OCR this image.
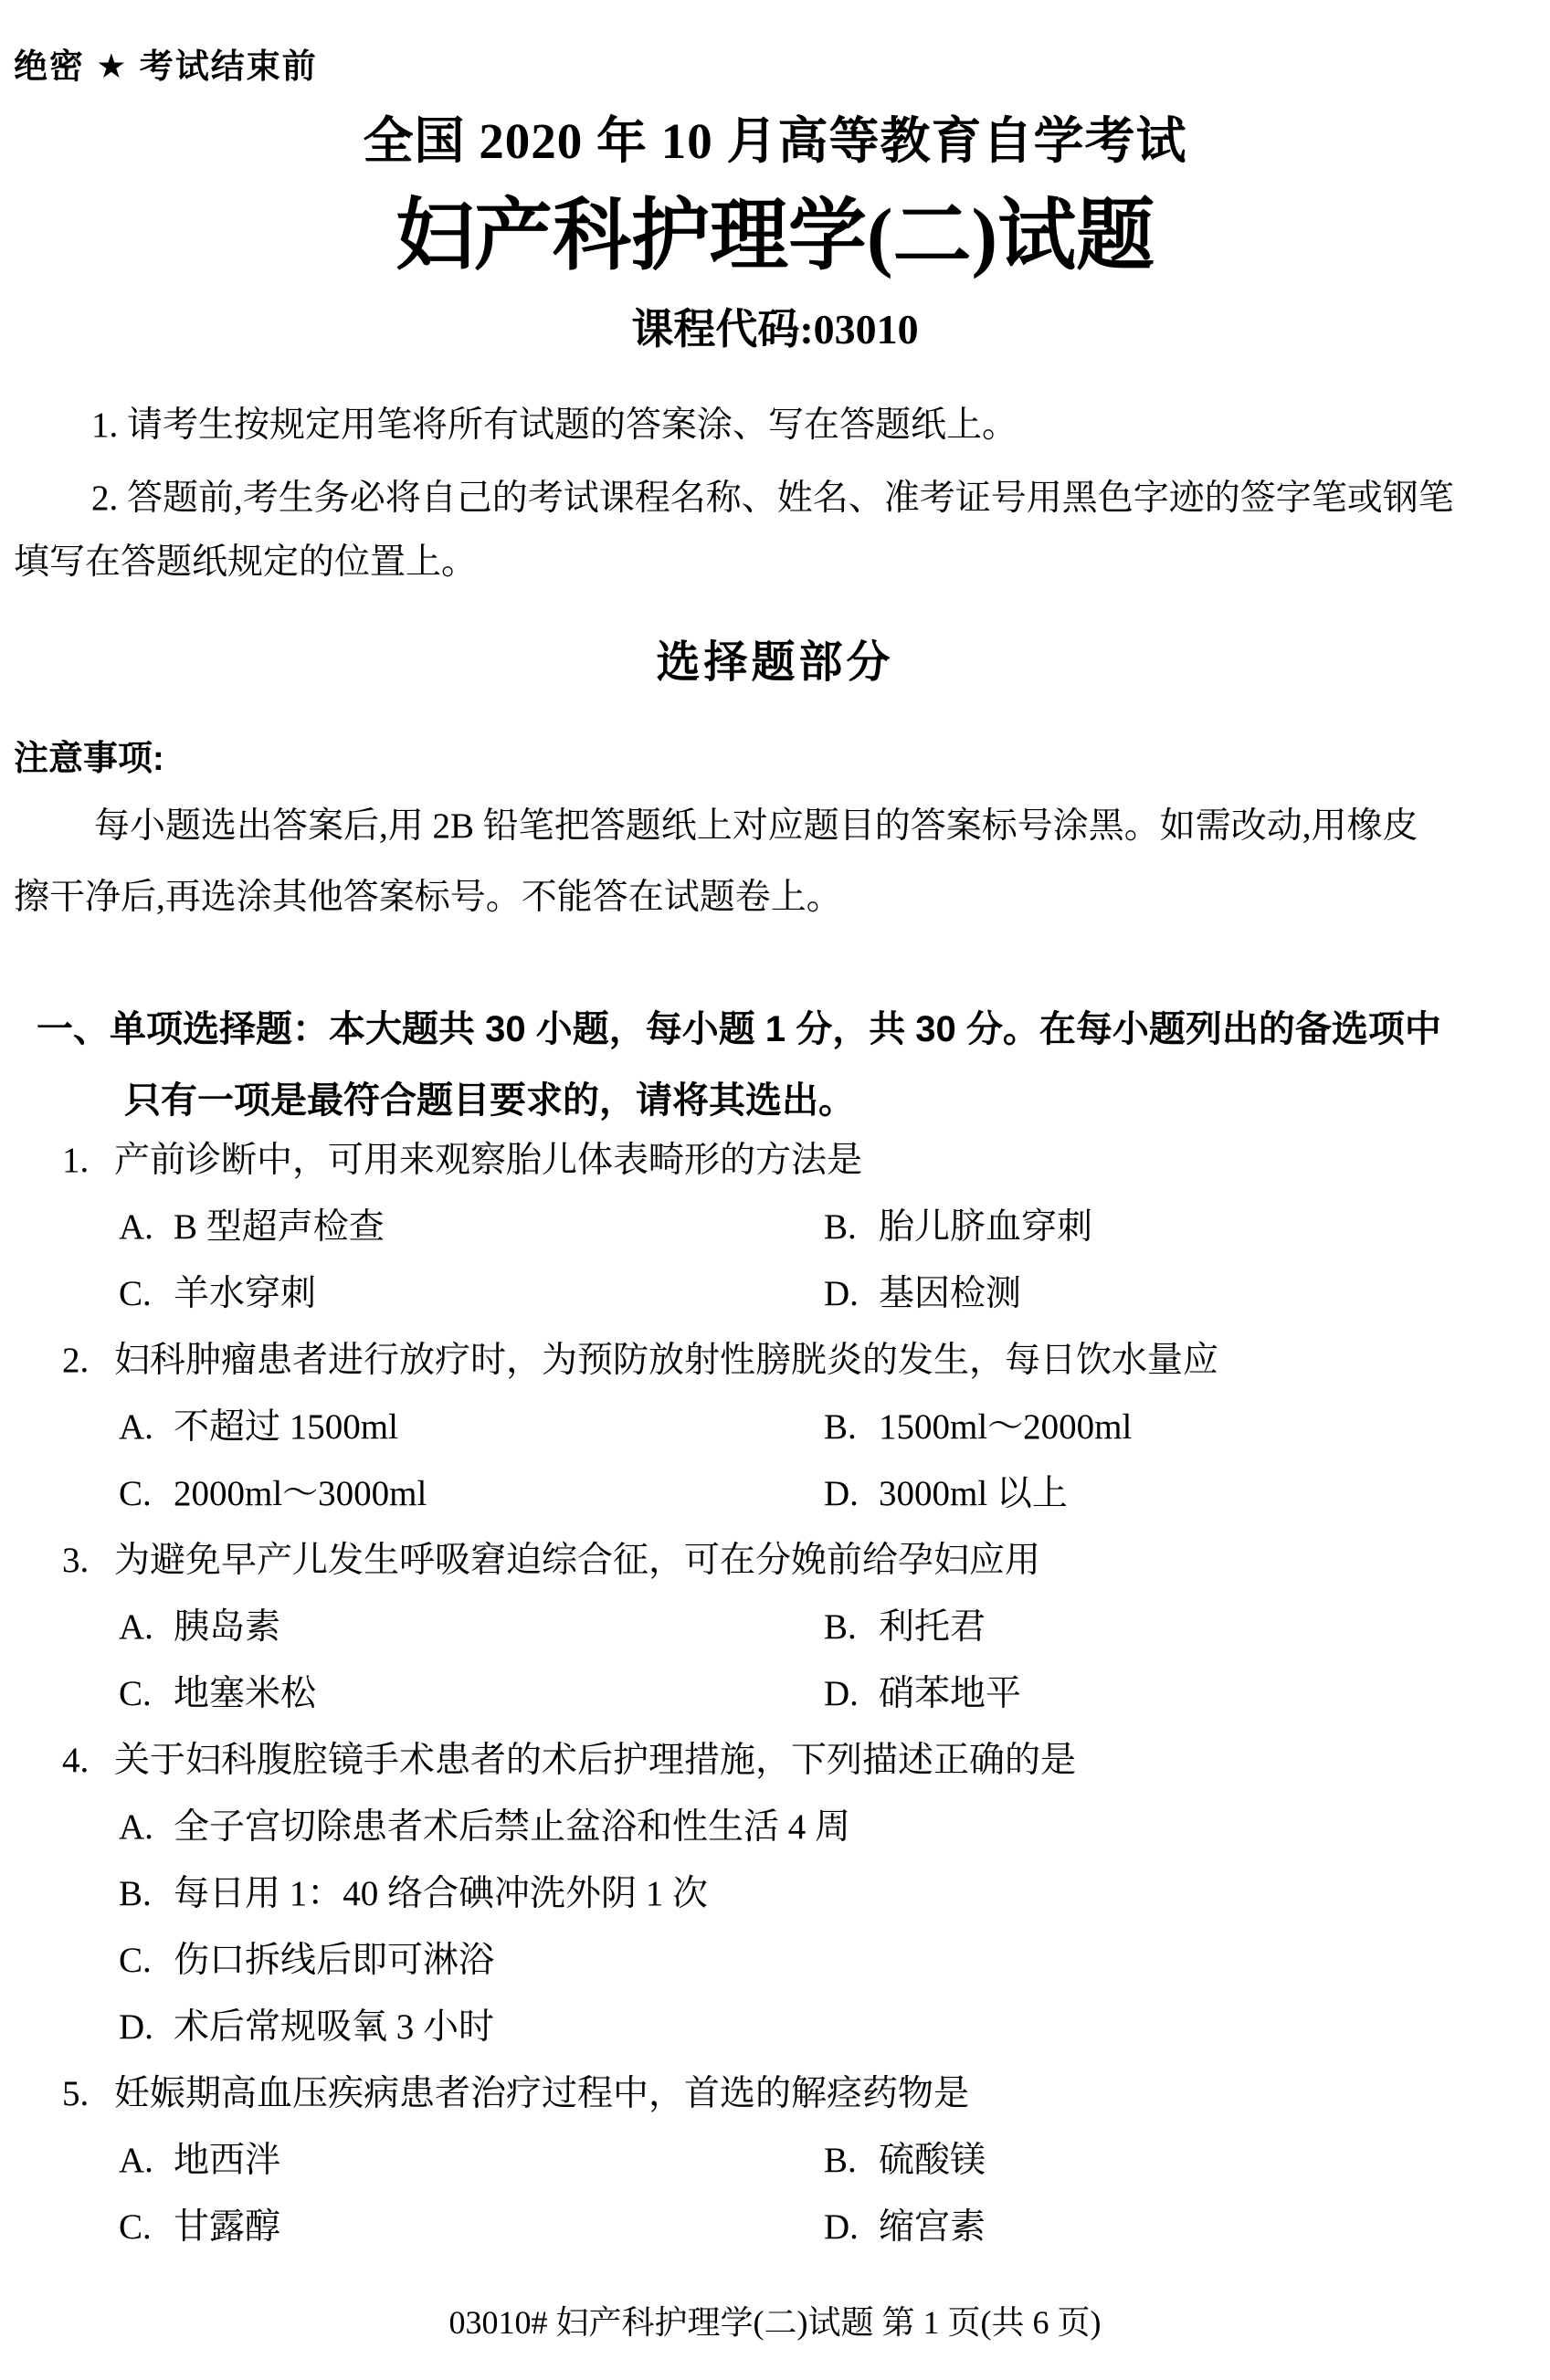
绝密 ★ 考试结束前
全国 2020 年 10 月高等教育自学考试
妇产科护理学(二)试题
课程代码:03010
1. 请考生按规定用笔将所有试题的答案涂、写在答题纸上。
2. 答题前,考生务必将自己的考试课程名称、姓名、准考证号用黑色字迹的签字笔或钢笔
填写在答题纸规定的位置上。
选择题部分
注意事项:
每小题选出答案后,用 2B 铅笔把答题纸上对应题目的答案标号涂黑。如需改动,用橡皮
擦干净后,再选涂其他答案标号。不能答在试题卷上。
一、单项选择题：本大题共 30 小题，每小题 1 分，共 30 分。在每小题列出的备选项中
只有一项是最符合题目要求的，请将其选出。
1. 产前诊断中，可用来观察胎儿体表畸形的方法是
A. B 型超声检查	B. 胎儿脐血穿刺
C. 羊水穿刺	D. 基因检测
2. 妇科肿瘤患者进行放疗时，为预防放射性膀胱炎的发生，每日饮水量应
A. 不超过 1500ml	B. 1500ml～2000ml
C. 2000ml～3000ml	D. 3000ml 以上
3. 为避免早产儿发生呼吸窘迫综合征，可在分娩前给孕妇应用
A. 胰岛素	B. 利托君
C. 地塞米松	D. 硝苯地平
4. 关于妇科腹腔镜手术患者的术后护理措施，下列描述正确的是
A. 全子宫切除患者术后禁止盆浴和性生活 4 周
B. 每日用 1：40 络合碘冲洗外阴 1 次
C. 伤口拆线后即可淋浴
D. 术后常规吸氧 3 小时
5. 妊娠期高血压疾病患者治疗过程中，首选的解痉药物是
A. 地西泮	B. 硫酸镁
C. 甘露醇	D. 缩宫素
03010# 妇产科护理学(二)试题 第 1 页(共 6 页)
